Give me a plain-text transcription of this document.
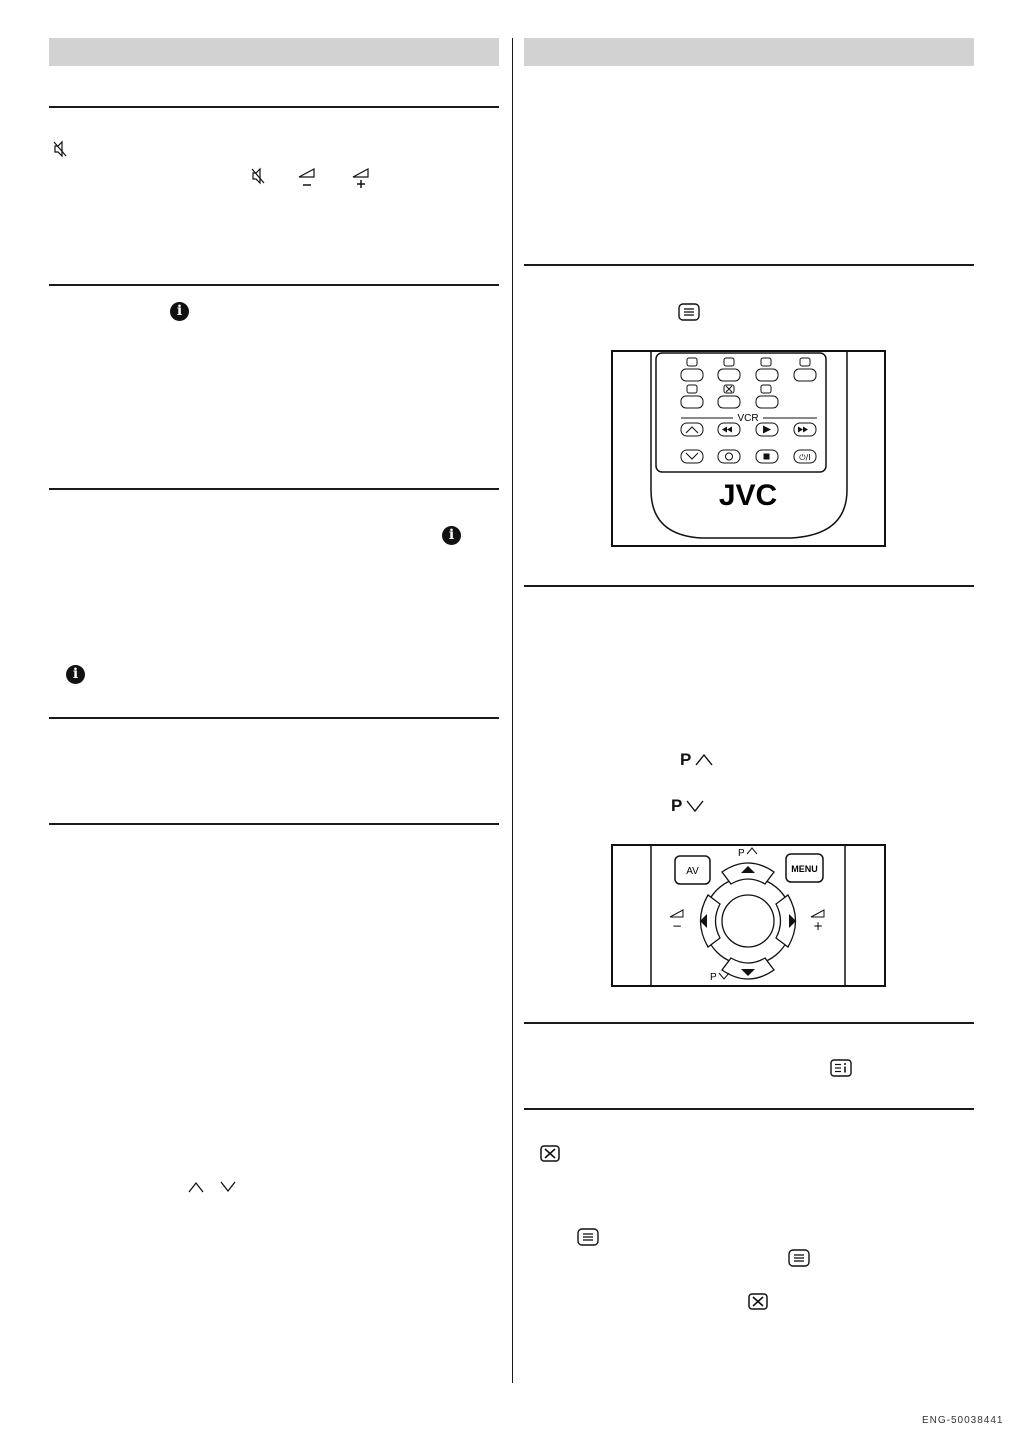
i
i
i
VCR
⏻/I
JVC
P
P
AV	MENU
P
P
−	+
ENG-50038441
